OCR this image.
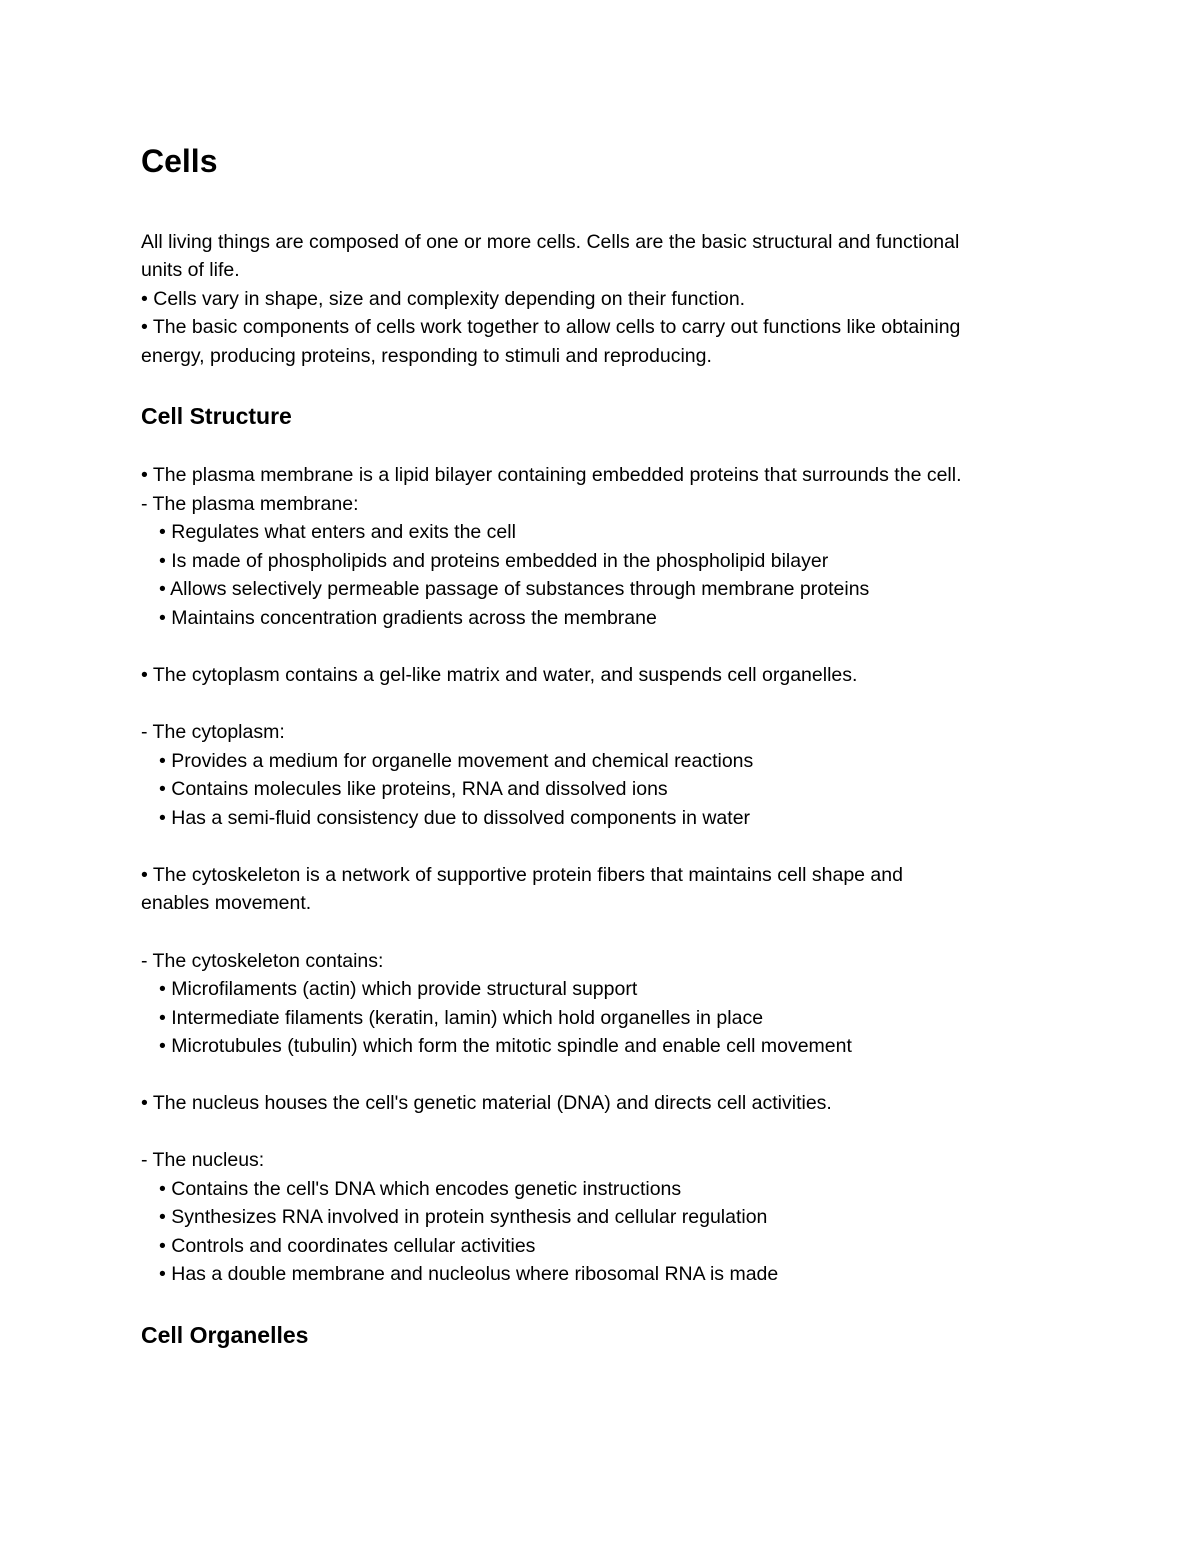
Cells
All living things are composed of one or more cells. Cells are the basic structural and functional
units of life.
• Cells vary in shape, size and complexity depending on their function.
• The basic components of cells work together to allow cells to carry out functions like obtaining
energy, producing proteins, responding to stimuli and reproducing.
Cell Structure
• The plasma membrane is a lipid bilayer containing embedded proteins that surrounds the cell.
- The plasma membrane:
• Regulates what enters and exits the cell
• Is made of phospholipids and proteins embedded in the phospholipid bilayer
• Allows selectively permeable passage of substances through membrane proteins
• Maintains concentration gradients across the membrane
• The cytoplasm contains a gel-like matrix and water, and suspends cell organelles.
- The cytoplasm:
• Provides a medium for organelle movement and chemical reactions
• Contains molecules like proteins, RNA and dissolved ions
• Has a semi-fluid consistency due to dissolved components in water
• The cytoskeleton is a network of supportive protein fibers that maintains cell shape and
enables movement.
- The cytoskeleton contains:
• Microfilaments (actin) which provide structural support
• Intermediate filaments (keratin, lamin) which hold organelles in place
• Microtubules (tubulin) which form the mitotic spindle and enable cell movement
• The nucleus houses the cell's genetic material (DNA) and directs cell activities.
- The nucleus:
• Contains the cell's DNA which encodes genetic instructions
• Synthesizes RNA involved in protein synthesis and cellular regulation
• Controls and coordinates cellular activities
• Has a double membrane and nucleolus where ribosomal RNA is made
Cell Organelles
